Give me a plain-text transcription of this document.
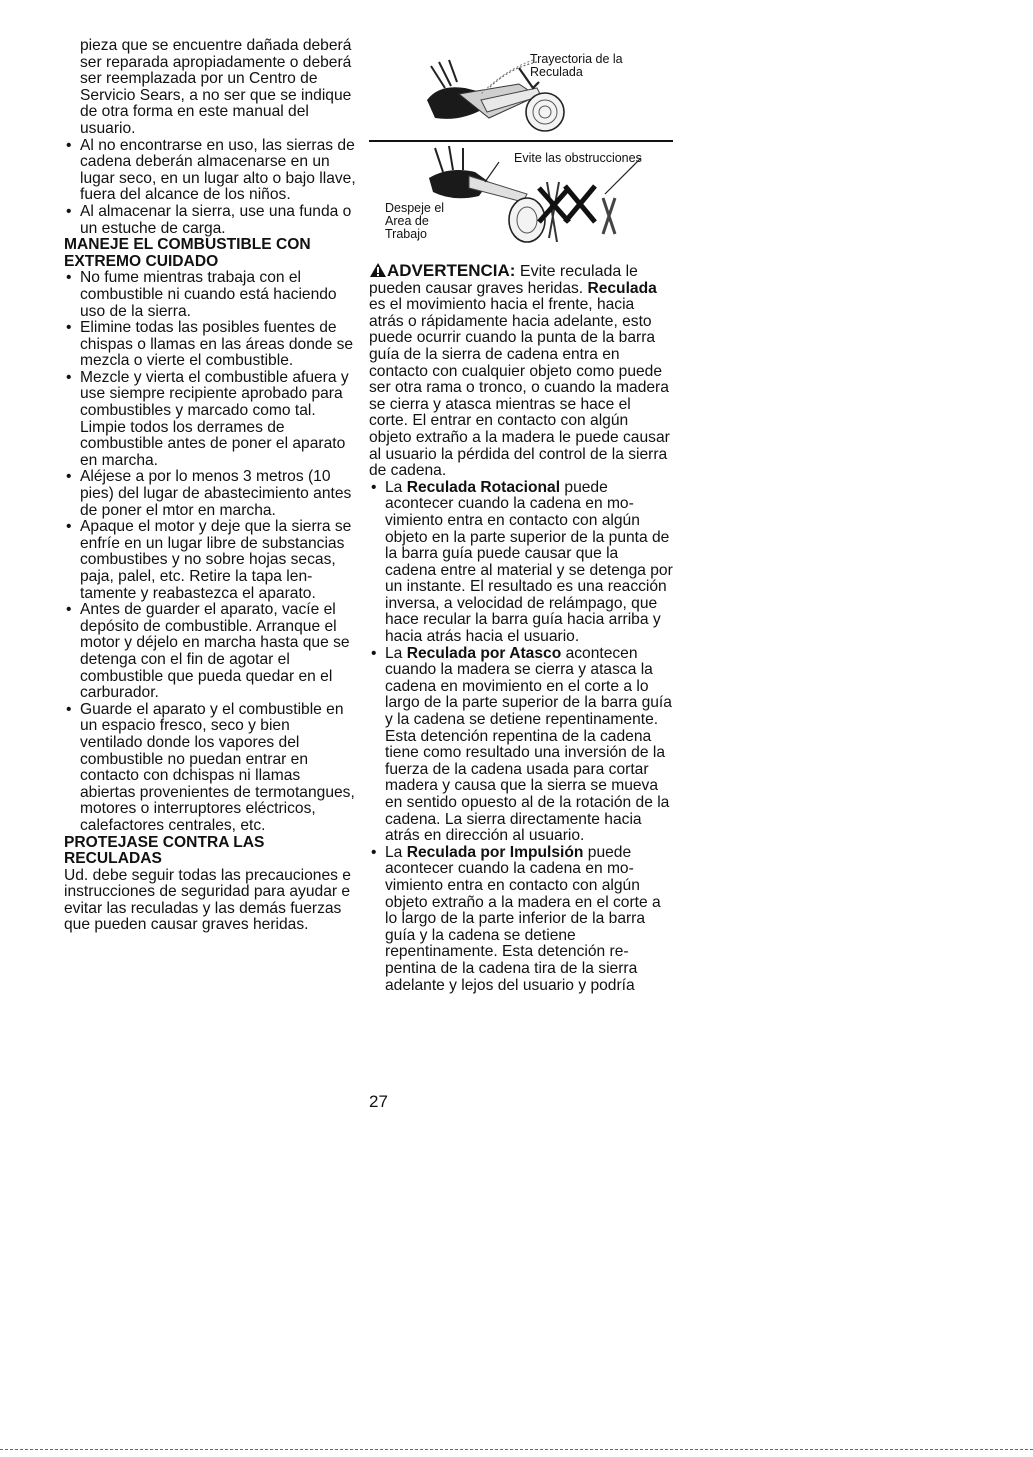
pieza que se encuentre dañada deberá ser reparada apropiadamente o deberá ser reemplazada por un Centro de Servicio Sears, a no ser que se indique de otra forma en este manual del usuario.

• Al no encontrarse en uso, las sierras de cadena deberán almacenarse en un lugar seco, en un lugar alto o bajo llave, fuera del alcance de los niños.
• Al almacenar la sierra, use una funda o un estuche de carga.
MANEJE EL COMBUSTIBLE CON EXTREMO CUIDADO
• No fume mientras trabaja con el combustible ni cuando está haciendo uso de la sierra.
• Elimine todas las posibles fuentes de chispas o llamas en las áreas donde se mezcla o vierte el combustible.
• Mezcle y vierta el combustible afuera y use siempre recipiente aprobado para combustibles y marcado como tal. Limpie todos los derrames de combustible antes de poner el aparato en marcha.
• Aléjese a por lo menos 3 metros (10 pies) del lugar de abastecimiento antes de poner el mtor en marcha.
• Apaque el motor y deje que la sierra se enfríe en un lugar libre de substancias combustibes y no sobre hojas secas, paja, palel, etc. Retire la tapa lentamente y reabastezca el aparato.
• Antes de guarder el aparato, vacíe el depósito de combustible. Arranque el motor y déjelo en marcha hasta que se detenga con el fin de agotar el combustible que pueda quedar en el carburador.
• Guarde el aparato y el combustible en un espacio fresco, seco y bien ventilado donde los vapores del combustible no puedan entrar en contacto con dchispas ni llamas abiertas provenientes de termotangues, motores o interruptores eléctricos, calefactores centrales, etc.
PROTEJASE CONTRA LAS RECULADAS

Ud. debe seguir todas las precauciones e instrucciones de seguridad para ayudar e evitar las reculadas y las demás fuerzas que pueden causar graves heridas.

Trayectoria de la Reculada
Evite las obstrucciones
Despeje el Area de Trabajo

ADVERTENCIA: Evite reculada le pueden causar graves heridas. Reculada es el movimiento hacia el frente, hacia atrás o rápidamente hacia adelante, esto puede ocurrir cuando la punta de la barra guía de la sierra de cadena entra en contacto con cualquier objeto como puede ser otra rama o tronco, o cuando la madera se cierra y atasca mientras se hace el corte. El entrar en contacto con algún objeto extraño a la madera le puede causar al usuario la pérdida del control de la sierra de cadena.

• La Reculada Rotacional puede acontecer cuando la cadena en movimiento entra en contacto con algún objeto en la parte superior de la punta de la barra guía puede causar que la cadena entre al material y se detenga por un instante. El resultado es una reacción inversa, a velocidad de relámpago, que hace recular la barra guía hacia arriba y hacia atrás hacia el usuario.
• La Reculada por Atasco acontecen cuando la madera se cierra y atasca la cadena en movimiento en el corte a lo largo de la parte superior de la barra guía y la cadena se detiene repentinamente. Esta detención repentina de la cadena tiene como resultado una inversión de la fuerza de la cadena usada para cortar madera y causa que la sierra se mueva en sentido opuesto al de la rotación de la cadena. La sierra directamente hacia atrás en dirección al usuario.
• La Reculada por Impulsión puede acontecer cuando la cadena en movimiento entra en contacto con algún objeto extraño a la madera en el corte a lo largo de la parte inferior de la barra guía y la cadena se detiene repentinamente. Esta detención repentina de la cadena tira de la sierra adelante y lejos del usuario y podría
27
